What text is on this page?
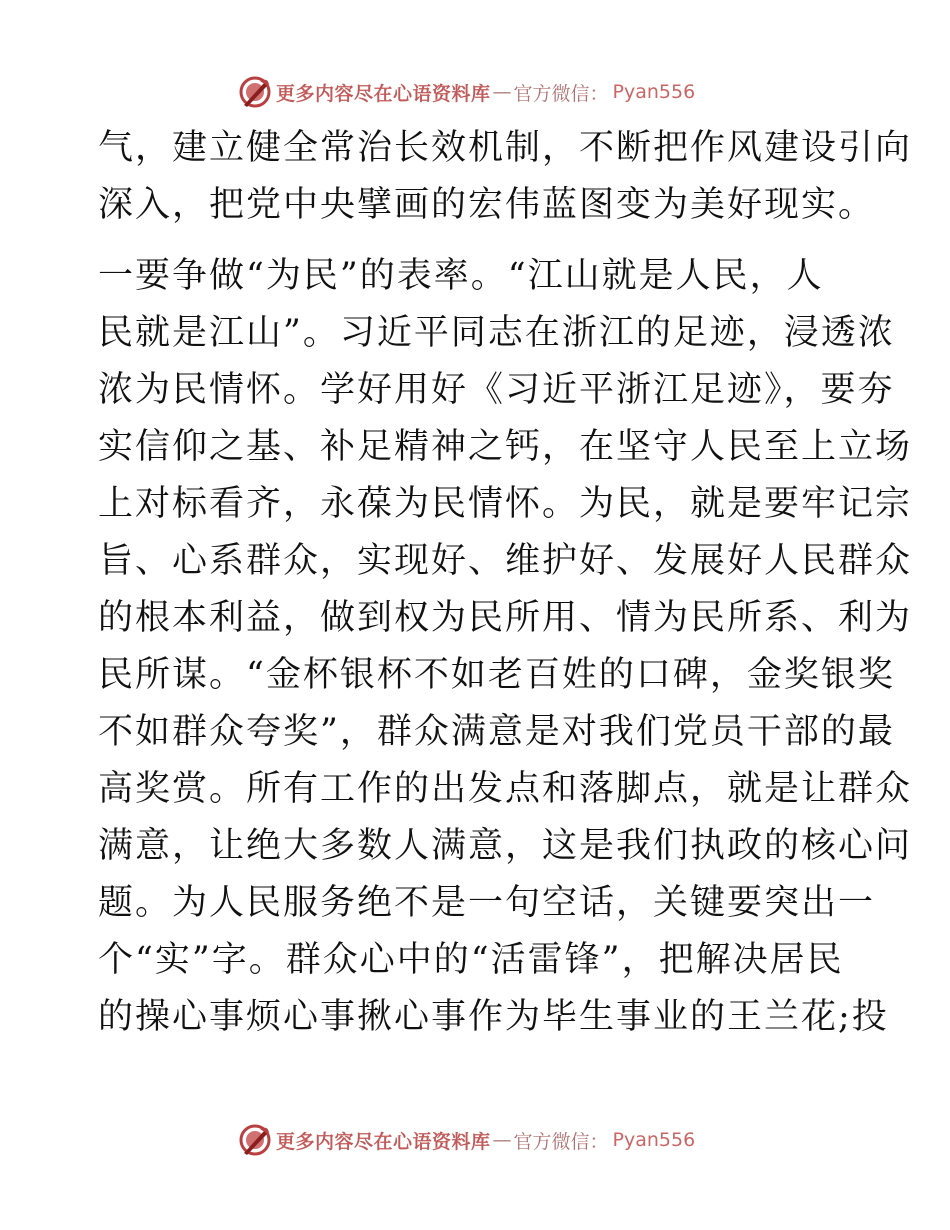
更多内容尽在心语资料库 — 官方微信： Pyan556
气，建立健全常治长效机制，不断把作风建设引向
深入，把党中央擘画的宏伟蓝图变为美好现实。
一要争做“为民”的表率。“江山就是人民，人
民就是江山”。习近平同志在浙江的足迹，浸透浓
浓为民情怀。学好用好《习近平浙江足迹》，要夯
实信仰之基、补足精神之钙，在坚守人民至上立场
上对标看齐，永葆为民情怀。为民，就是要牢记宗
旨、心系群众，实现好、维护好、发展好人民群众
的根本利益，做到权为民所用、情为民所系、利为
民所谋。“金杯银杯不如老百姓的口碑，金奖银奖
不如群众夸奖”，群众满意是对我们党员干部的最
高奖赏。所有工作的出发点和落脚点，就是让群众
满意，让绝大多数人满意，这是我们执政的核心问
题。为人民服务绝不是一句空话，关键要突出一
个“实”字。群众心中的“活雷锋”，把解决居民
的操心事烦心事揪心事作为毕生事业的王兰花;投
更多内容尽在心语资料库 — 官方微信： Pyan556
